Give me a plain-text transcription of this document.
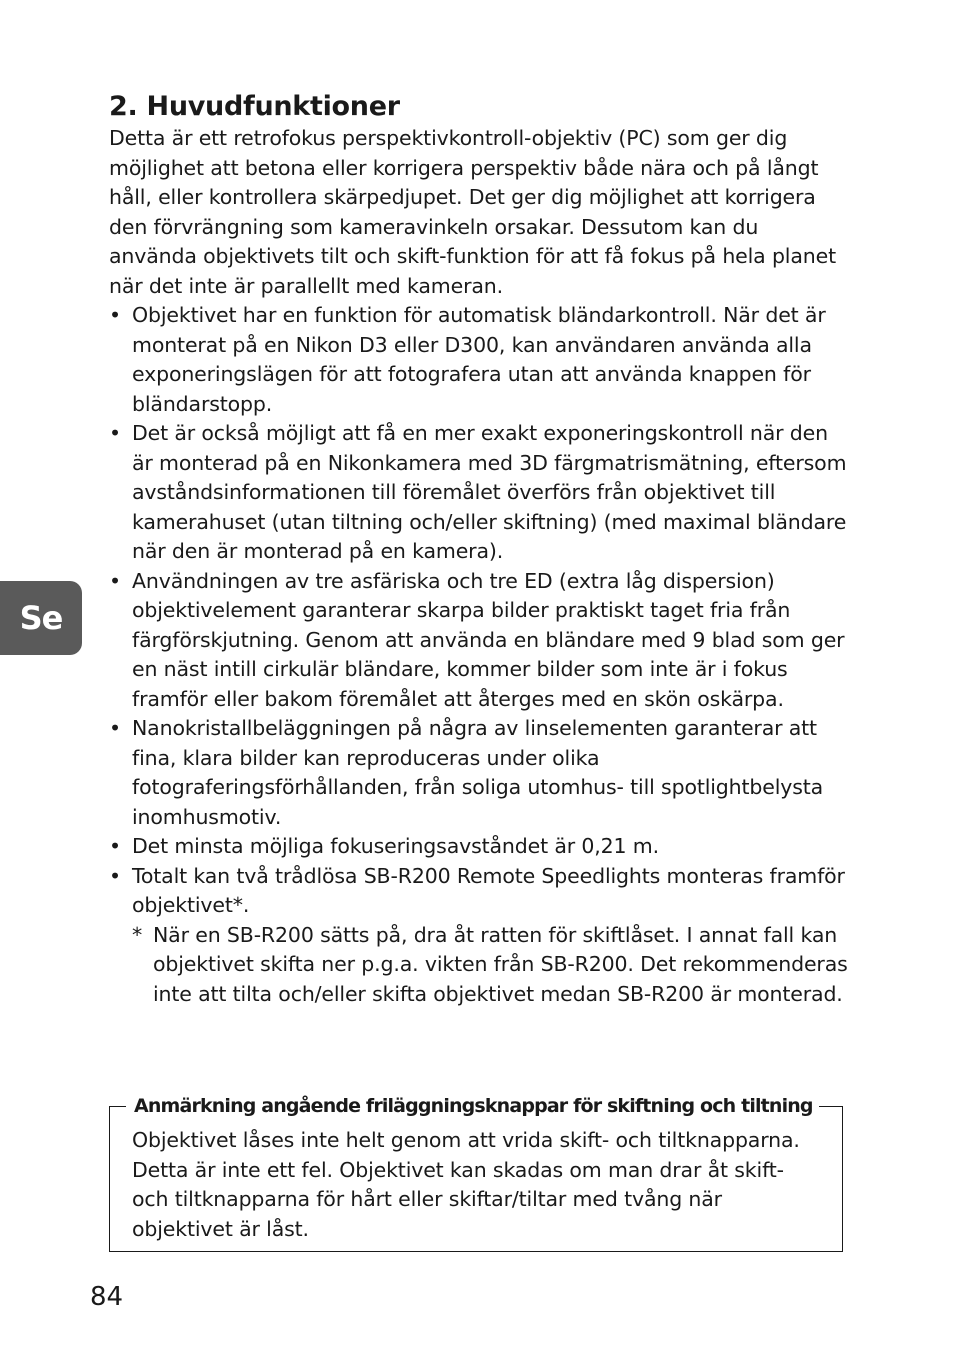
2. Huvudfunktioner

Detta är ett retrofokus perspektivkontroll-objektiv (PC) som ger dig möjlighet att betona eller korrigera perspektiv både nära och på långt håll, eller kontrollera skärpedjupet. Det ger dig möjlighet att korrigera den förvrängning som kameravinkeln orsakar. Dessutom kan du använda objektivets tilt och skift-funktion för att få fokus på hela planet när det inte är parallellt med kameran.

• Objektivet har en funktion för automatisk bländarkontroll. När det är monterat på en Nikon D3 eller D300, kan användaren använda alla exponeringslägen för att fotografera utan att använda knappen för bländarstopp.
• Det är också möjligt att få en mer exakt exponeringskontroll när den är monterad på en Nikonkamera med 3D färgmatrismätning, eftersom avståndsinformationen till föremålet överförs från objektivet till kamerahuset (utan tiltning och/eller skiftning) (med maximal bländare när den är monterad på en kamera).
• Användningen av tre asfäriska och tre ED (extra låg dispersion) objektivelement garanterar skarpa bilder praktiskt taget fria från färgförskjutning. Genom att använda en bländare med 9 blad som ger en näst intill cirkulär bländare, kommer bilder som inte är i fokus framför eller bakom föremålet att återges med en skön oskärpa.
• Nanokristallbeläggningen på några av linselementen garanterar att fina, klara bilder kan reproduceras under olika fotograferingsförhållanden, från soliga utomhus- till spotlightbelysta inomhusmotiv.
• Det minsta möjliga fokuseringsavståndet är 0,21 m.
• Totalt kan två trådlösa SB-R200 Remote Speedlights monteras framför objektivet*.
* När en SB-R200 sätts på, dra åt ratten för skiftlåset. I annat fall kan objektivet skifta ner p.g.a. vikten från SB-R200. Det rekommenderas inte att tilta och/eller skifta objektivet medan SB-R200 är monterad.
Anmärkning angående friläggningsknappar för skiftning och tiltning

Objektivet låses inte helt genom att vrida skift- och tiltknapparna. Detta är inte ett fel. Objektivet kan skadas om man drar åt skift- och tiltknapparna för hårt eller skiftar/tiltar med tvång när objektivet är låst.

Se
84
